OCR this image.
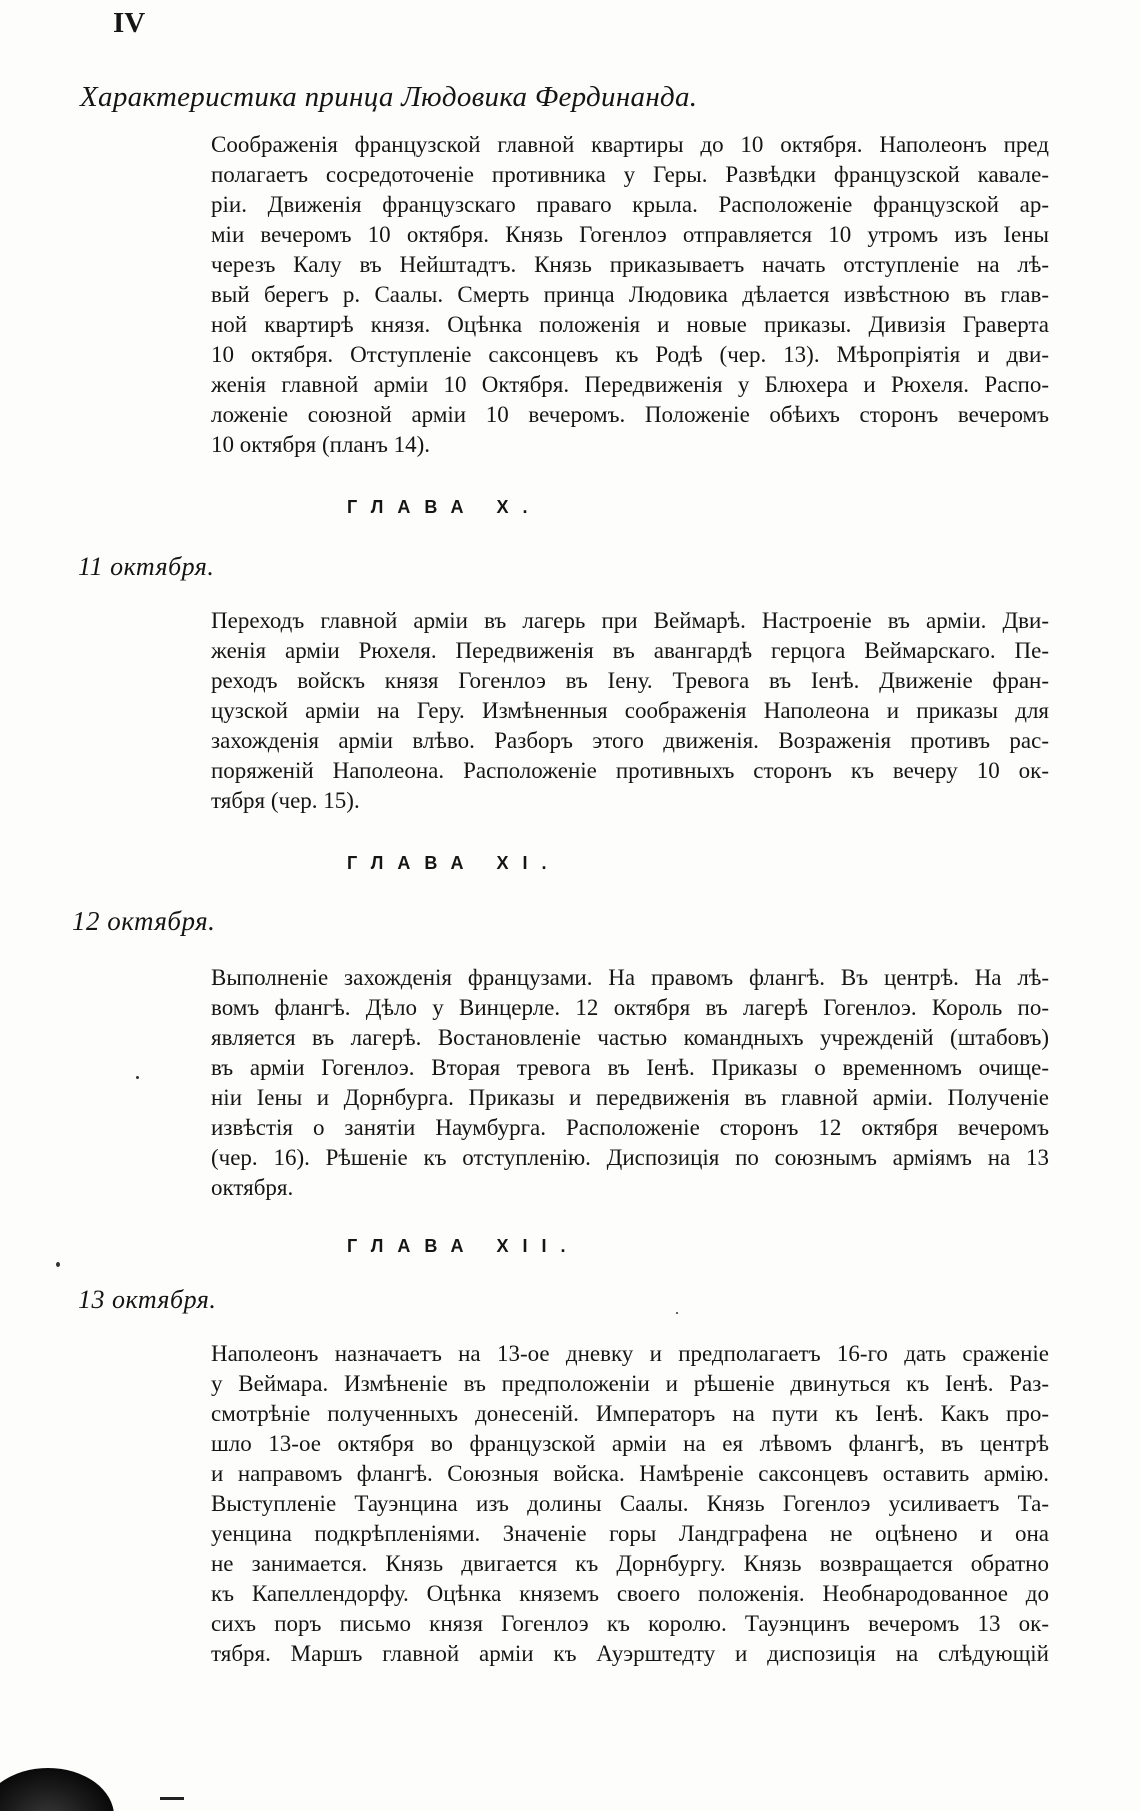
IV
Характеристика принца Людовика Фердинанда.
Соображенія французской главной квартиры до 10 октября. Наполеонъ пред
полагаетъ сосредоточеніе противника у Геры. Развѣдки французской кавале-
ріи. Движенія французскаго праваго крыла. Расположеніе французской ар-
міи вечеромъ 10 октября. Князь Гогенлоэ отправляется 10 утромъ изъ Іены
черезъ Калу въ Нейштадтъ. Князь приказываетъ начать отступленіе на лѣ-
вый берегъ р. Саалы. Смерть принца Людовика дѣлается извѣстною въ глав-
ной квартирѣ князя. Оцѣнка положенія и новые приказы. Дивизія Граверта
10 октября. Отступленіе саксонцевъ къ Родѣ (чер. 13). Мѣропріятія и дви-
женія главной арміи 10 Октября. Передвиженія у Блюхера и Рюхеля. Распо-
ложеніе союзной арміи 10 вечеромъ. Положеніе обѣихъ сторонъ вечеромъ
10 октября (планъ 14).
ГЛАВА X.
11 октября.
Переходъ главной арміи въ лагерь при Веймарѣ. Настроеніе въ арміи. Дви-
женія арміи Рюхеля. Передвиженія въ авангардѣ герцога Веймарскаго. Пе-
реходъ войскъ князя Гогенлоэ въ Іену. Тревога въ Іенѣ. Движеніе фран-
цузской арміи на Геру. Измѣненныя соображенія Наполеона и приказы для
захожденія арміи влѣво. Разборъ этого движенія. Возраженія противъ рас-
поряженій Наполеона. Расположеніе противныхъ сторонъ къ вечеру 10 ок-
тября (чер. 15).
ГЛАВА XI.
12 октября.
Выполненіе захожденія французами. На правомъ флангѣ. Въ центрѣ. На лѣ-
вомъ флангѣ. Дѣло у Винцерле. 12 октября въ лагерѣ Гогенлоэ. Король по-
является въ лагерѣ. Востановленіе частью командныхъ учрежденій (штабовъ)
въ арміи Гогенлоэ. Вторая тревога въ Іенѣ. Приказы о временномъ очище-
ніи Іены и Дорнбурга. Приказы и передвиженія въ главной арміи. Полученіе
извѣстія о занятіи Наумбурга. Расположеніе сторонъ 12 октября вечеромъ
(чер. 16). Рѣшеніе къ отступленію. Диспозиція по союзнымъ арміямъ на 13
октября.
ГЛАВА XII.
13 октября.
Наполеонъ назначаетъ на 13-ое дневку и предполагаетъ 16-го дать сраженіе
у Веймара. Измѣненіе въ предположеніи и рѣшеніе двинуться къ Іенѣ. Раз-
смотрѣніе полученныхъ донесеній. Императоръ на пути къ Іенѣ. Какъ про-
шло 13-ое октября во французской арміи на ея лѣвомъ флангѣ, въ центрѣ
и направомъ флангѣ. Союзныя войска. Намѣреніе саксонцевъ оставить армію.
Выступленіе Тауэнцина изъ долины Саалы. Князь Гогенлоэ усиливаетъ Та-
уенцина подкрѣпленіями. Значеніе горы Ландграфена не оцѣнено и она
не занимается. Князь двигается къ Дорнбургу. Князь возвращается обратно
къ Капеллендорфу. Оцѣнка княземъ своего положенія. Необнародованное до
сихъ поръ письмо князя Гогенлоэ къ королю. Тауэнцинъ вечеромъ 13 ок-
тября. Маршъ главной арміи къ Ауэрштедту и диспозиція на слѣдующій
